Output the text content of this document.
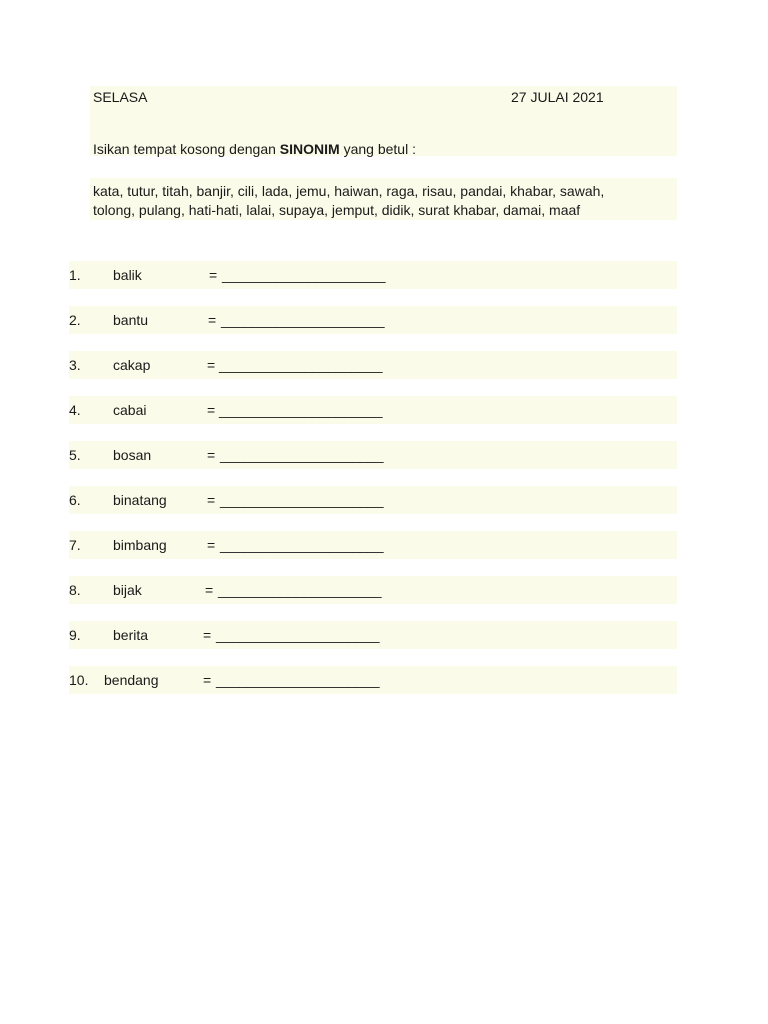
SELASA	27 JULAI 2021
Isikan tempat kosong dengan SINONIM yang betul :
kata, tutur, titah, banjir, cili, lada, jemu, haiwan, raga, risau, pandai, khabar, sawah,
tolong, pulang, hati-hati, lalai, supaya, jemput, didik, surat khabar, damai, maaf
1. balik	= _____________________
2. bantu	= _____________________
3. cakap	= _____________________
4. cabai	= _____________________
5. bosan	= _____________________
6. binatang	= _____________________
7. bimbang	= _____________________
8. bijak	= _____________________
9. berita	= _____________________
10. bendang	= _____________________
